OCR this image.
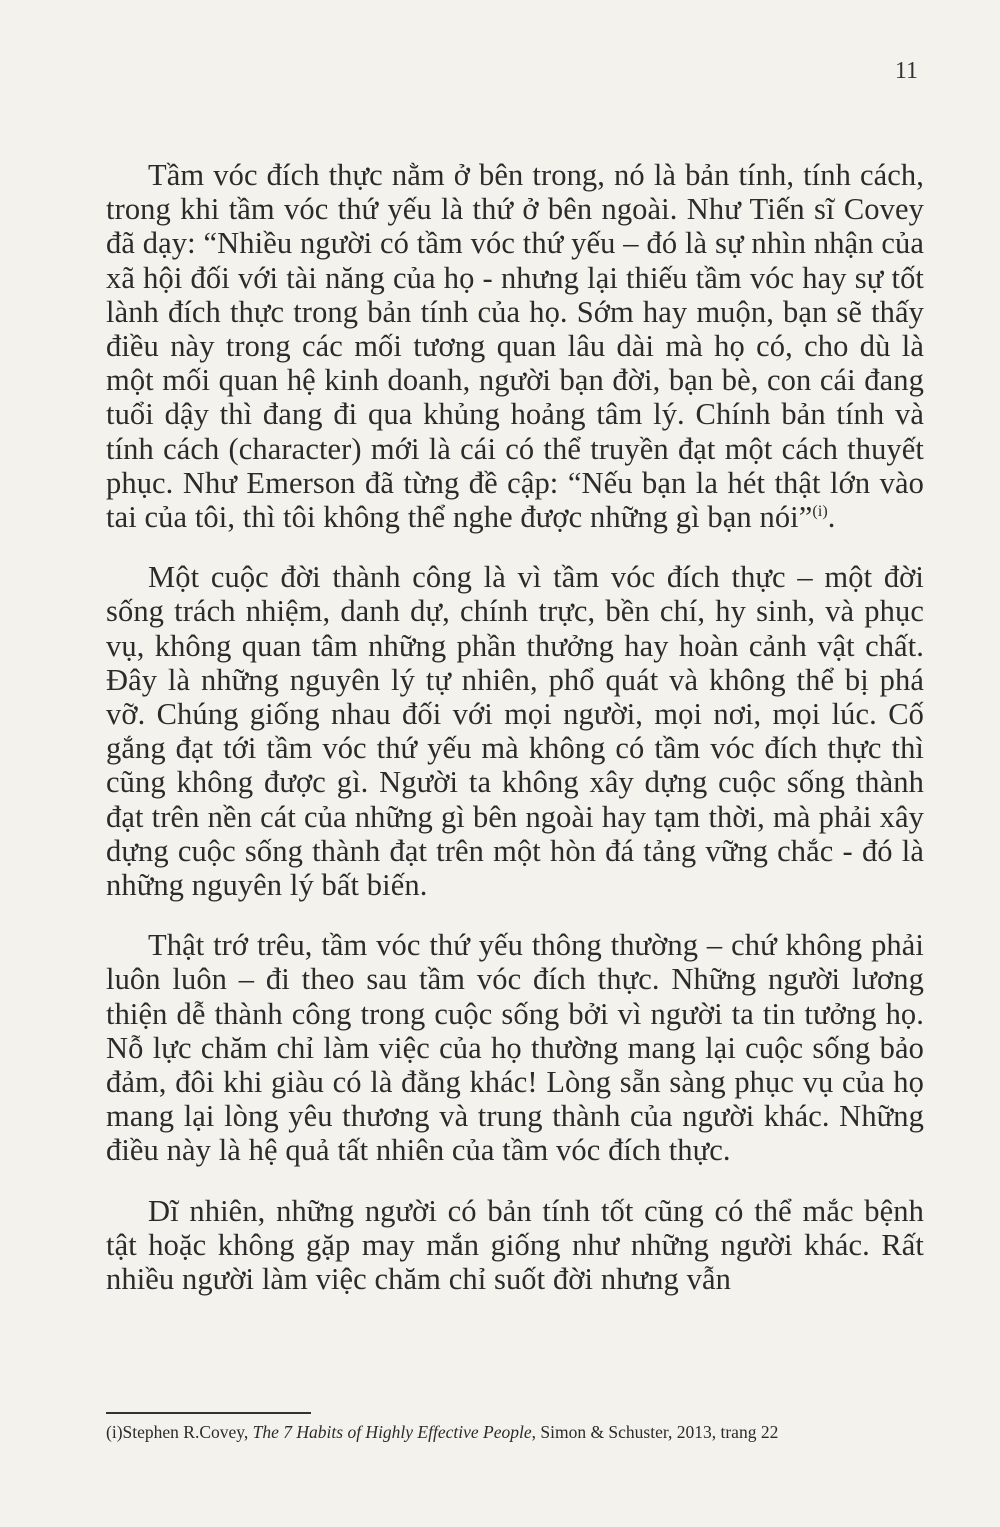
11

Tầm vóc đích thực nằm ở bên trong, nó là bản tính, tính cách, trong khi tầm vóc thứ yếu là thứ ở bên ngoài. Như Tiến sĩ Covey đã dạy: “Nhiều người có tầm vóc thứ yếu – đó là sự nhìn nhận của xã hội đối với tài năng của họ - nhưng lại thiếu tầm vóc hay sự tốt lành đích thực trong bản tính của họ. Sớm hay muộn, bạn sẽ thấy điều này trong các mối tương quan lâu dài mà họ có, cho dù là một mối quan hệ kinh doanh, người bạn đời, bạn bè, con cái đang tuổi dậy thì đang đi qua khủng hoảng tâm lý. Chính bản tính và tính cách (character) mới là cái có thể truyền đạt một cách thuyết phục. Như Emerson đã từng đề cập: “Nếu bạn la hét thật lớn vào tai của tôi, thì tôi không thể nghe được những gì bạn nói”$^{(i)}$.

Một cuộc đời thành công là vì tầm vóc đích thực – một đời sống trách nhiệm, danh dự, chính trực, bền chí, hy sinh, và phục vụ, không quan tâm những phần thưởng hay hoàn cảnh vật chất. Đây là những nguyên lý tự nhiên, phổ quát và không thể bị phá vỡ. Chúng giống nhau đối với mọi người, mọi nơi, mọi lúc. Cố gắng đạt tới tầm vóc thứ yếu mà không có tầm vóc đích thực thì cũng không được gì. Người ta không xây dựng cuộc sống thành đạt trên nền cát của những gì bên ngoài hay tạm thời, mà phải xây dựng cuộc sống thành đạt trên một hòn đá tảng vững chắc - đó là những nguyên lý bất biến.

Thật trớ trêu, tầm vóc thứ yếu thông thường – chứ không phải luôn luôn – đi theo sau tầm vóc đích thực. Những người lương thiện dễ thành công trong cuộc sống bởi vì người ta tin tưởng họ. Nỗ lực chăm chỉ làm việc của họ thường mang lại cuộc sống bảo đảm, đôi khi giàu có là đằng khác! Lòng sẵn sàng phục vụ của họ mang lại lòng yêu thương và trung thành của người khác. Những điều này là hệ quả tất nhiên của tầm vóc đích thực.

Dĩ nhiên, những người có bản tính tốt cũng có thể mắc bệnh tật hoặc không gặp may mắn giống như những người khác. Rất nhiều người làm việc chăm chỉ suốt đời nhưng vẫn

(i)Stephen R.Covey, The 7 Habits of Highly Effective People, Simon & Schuster, 2013, trang 22
